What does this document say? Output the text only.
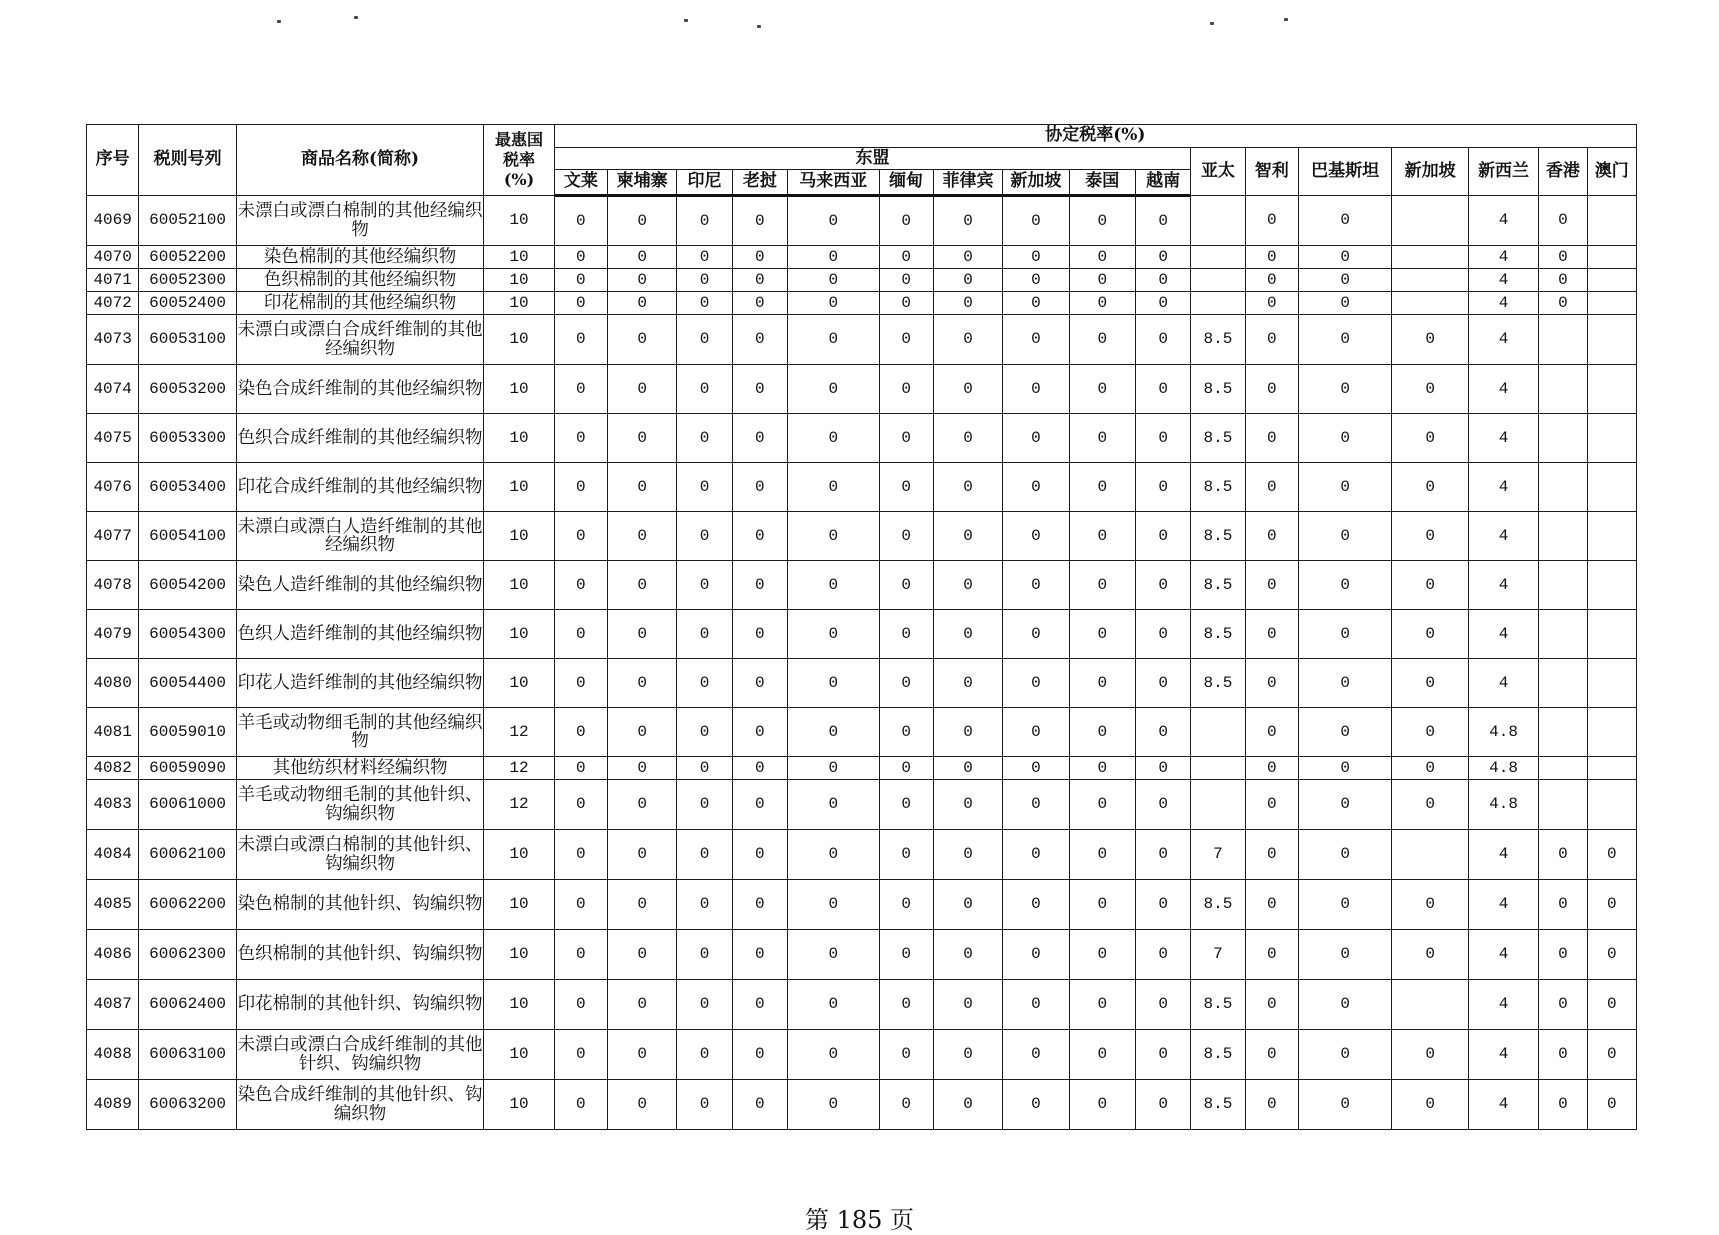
序号	税则号列	商品名称(简称)	最惠国
税率
(%)	协定税率(%)																
				东盟										亚太	智利	巴基斯坦	新加坡	新西兰	香港	澳门
				文莱	柬埔寨	印尼	老挝	马来西亚	缅甸	菲律宾	新加坡	泰国	越南							
4069	60052100	未漂白或漂白棉制的其他经编织物	10	0	0	0	0	0	0	0	0	0	0		0	0		4	0	
4070	60052200	染色棉制的其他经编织物	10	0	0	0	0	0	0	0	0	0	0		0	0		4	0	
4071	60052300	色织棉制的其他经编织物	10	0	0	0	0	0	0	0	0	0	0		0	0		4	0	
4072	60052400	印花棉制的其他经编织物	10	0	0	0	0	0	0	0	0	0	0		0	0		4	0	
4073	60053100	未漂白或漂白合成纤维制的其他经编织物	10	0	0	0	0	0	0	0	0	0	0	8.5	0	0	0	4		
4074	60053200	染色合成纤维制的其他经编织物	10	0	0	0	0	0	0	0	0	0	0	8.5	0	0	0	4		
4075	60053300	色织合成纤维制的其他经编织物	10	0	0	0	0	0	0	0	0	0	0	8.5	0	0	0	4		
4076	60053400	印花合成纤维制的其他经编织物	10	0	0	0	0	0	0	0	0	0	0	8.5	0	0	0	4		
4077	60054100	未漂白或漂白人造纤维制的其他经编织物	10	0	0	0	0	0	0	0	0	0	0	8.5	0	0	0	4		
4078	60054200	染色人造纤维制的其他经编织物	10	0	0	0	0	0	0	0	0	0	0	8.5	0	0	0	4		
4079	60054300	色织人造纤维制的其他经编织物	10	0	0	0	0	0	0	0	0	0	0	8.5	0	0	0	4		
4080	60054400	印花人造纤维制的其他经编织物	10	0	0	0	0	0	0	0	0	0	0	8.5	0	0	0	4		
4081	60059010	羊毛或动物细毛制的其他经编织物	12	0	0	0	0	0	0	0	0	0	0		0	0	0	4.8		
4082	60059090	其他纺织材料经编织物	12	0	0	0	0	0	0	0	0	0	0		0	0	0	4.8		
4083	60061000	羊毛或动物细毛制的其他针织、钩编织物	12	0	0	0	0	0	0	0	0	0	0		0	0	0	4.8		
4084	60062100	未漂白或漂白棉制的其他针织、钩编织物	10	0	0	0	0	0	0	0	0	0	0	7	0	0		4	0	0
4085	60062200	染色棉制的其他针织、钩编织物	10	0	0	0	0	0	0	0	0	0	0	8.5	0	0	0	4	0	0
4086	60062300	色织棉制的其他针织、钩编织物	10	0	0	0	0	0	0	0	0	0	0	7	0	0	0	4	0	0
4087	60062400	印花棉制的其他针织、钩编织物	10	0	0	0	0	0	0	0	0	0	0	8.5	0	0		4	0	0
4088	60063100	未漂白或漂白合成纤维制的其他针织、钩编织物	10	0	0	0	0	0	0	0	0	0	0	8.5	0	0	0	4	0	0
4089	60063200	染色合成纤维制的其他针织、钩编织物	10	0	0	0	0	0	0	0	0	0	0	8.5	0	0	0	4	0	0
第 185 页
